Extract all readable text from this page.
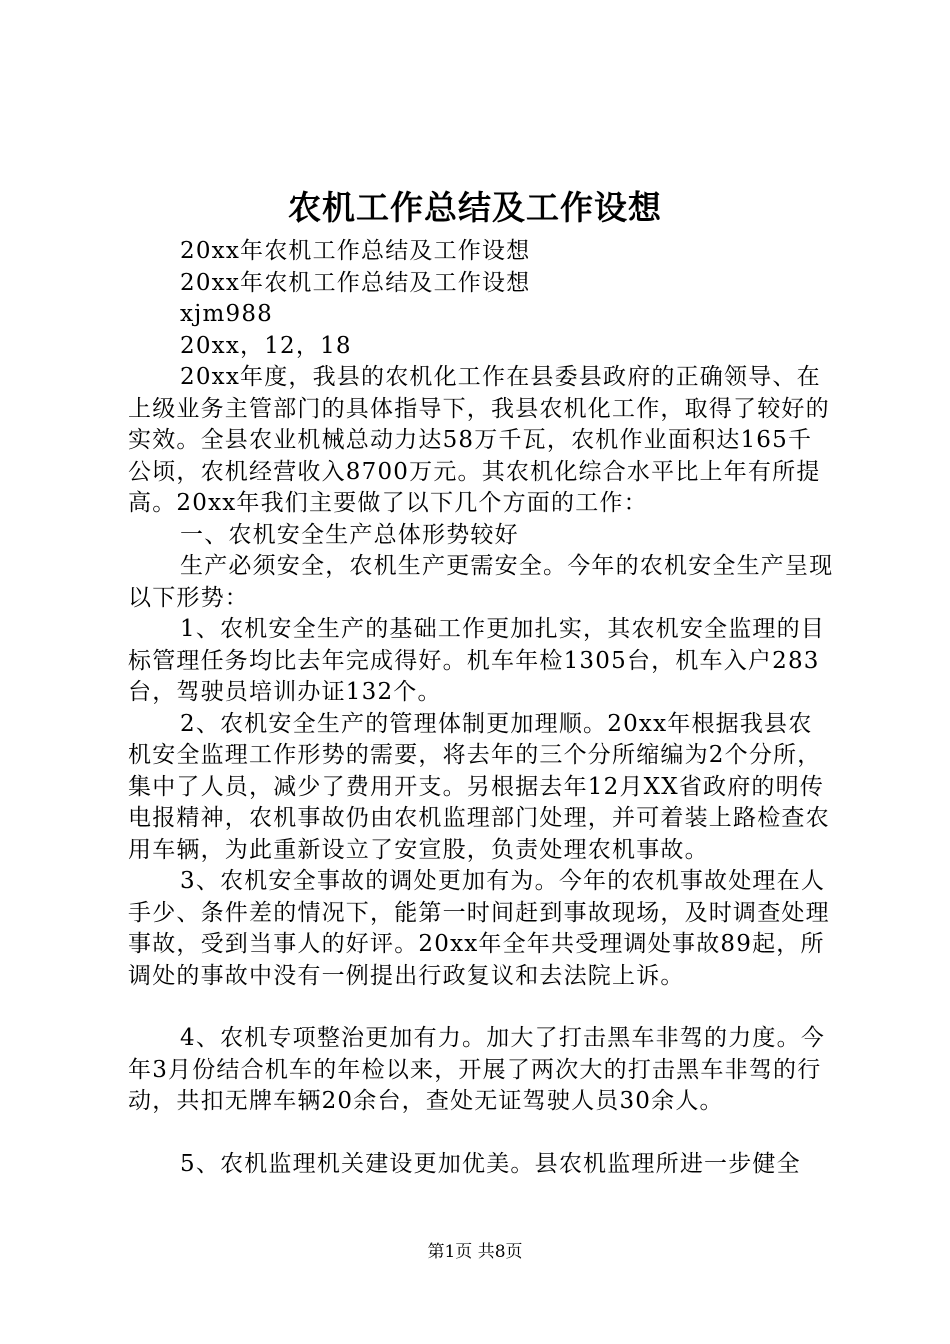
农机工作总结及工作设想

20xx年农机工作总结及工作设想

20xx年农机工作总结及工作设想

xjm988

20xx，12，18

20xx年度，我县的农机化工作在县委县政府的正确领导、在上级业务主管部门的具体指导下，我县农机化工作，取得了较好的实效。全县农业机械总动力达58万千瓦，农机作业面积达165千公顷，农机经营收入8700万元。其农机化综合水平比上年有所提高。20xx年我们主要做了以下几个方面的工作：

一、农机安全生产总体形势较好

生产必须安全，农机生产更需安全。今年的农机安全生产呈现以下形势：

1、农机安全生产的基础工作更加扎实，其农机安全监理的目标管理任务均比去年完成得好。机车年检1305台，机车入户283台，驾驶员培训办证132个。

2、农机安全生产的管理体制更加理顺。20xx年根据我县农机安全监理工作形势的需要，将去年的三个分所缩编为2个分所，集中了人员，减少了费用开支。另根据去年12月XX省政府的明传电报精神，农机事故仍由农机监理部门处理，并可着装上路检查农用车辆，为此重新设立了安宣股，负责处理农机事故。

3、农机安全事故的调处更加有为。今年的农机事故处理在人手少、条件差的情况下，能第一时间赶到事故现场，及时调查处理事故，受到当事人的好评。20xx年全年共受理调处事故89起，所调处的事故中没有一例提出行政复议和去法院上诉。

4、农机专项整治更加有力。加大了打击黑车非驾的力度。今年3月份结合机车的年检以来，开展了两次大的打击黑车非驾的行动，共扣无牌车辆20余台，查处无证驾驶人员30余人。

5、农机监理机关建设更加优美。县农机监理所进一步健全

第1页 共8页
